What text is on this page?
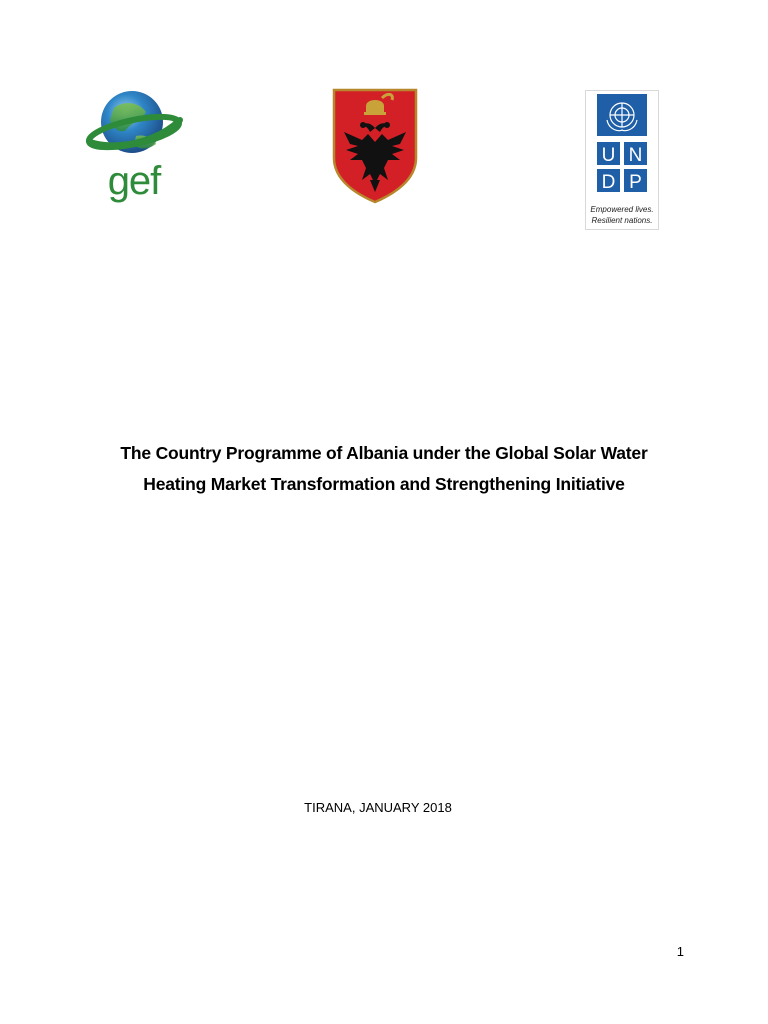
gef
U N
D P
Empowered lives.
Resilient nations.
The Country Programme of Albania under the Global Solar Water
Heating Market Transformation and Strengthening Initiative
TIRANA, JANUARY 2018
1
